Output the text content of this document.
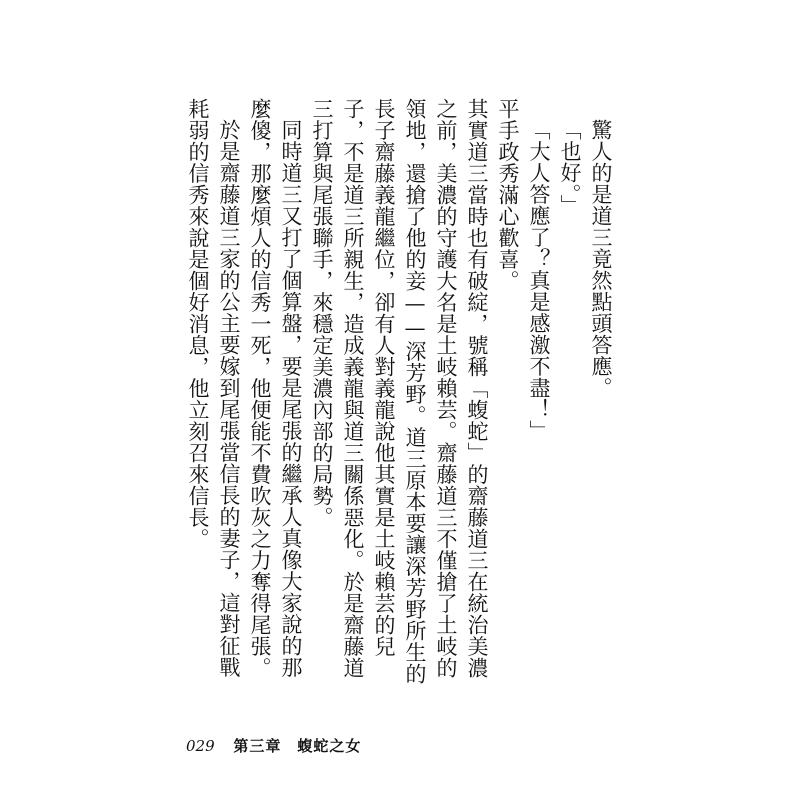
驚人的是道三竟然點頭答應。

「也好。」

「大人答應了？真是感激不盡！」

平手政秀滿心歡喜。

其實道三當時也有破綻，號稱「蝮蛇」的齋藤道三在統治美濃之前，美濃的守護大名是土岐賴芸。齋藤道三不僅搶了土岐的領地，還搶了他的妾——深芳野。道三原本要讓深芳野所生的長子齋藤義龍繼位，卻有人對義龍說他其實是土岐賴芸的兒子，不是道三所親生，造成義龍與道三關係惡化。於是齋藤道三打算與尾張聯手，來穩定美濃內部的局勢。

同時道三又打了個算盤，要是尾張的繼承人真像大家說的那麼傻，那麼煩人的信秀一死，他便能不費吹灰之力奪得尾張。

於是齋藤道三家的公主要嫁到尾張當信長的妻子，這對征戰耗弱的信秀來說是個好消息，他立刻召來信長。

029 第三章　蝮蛇之女
